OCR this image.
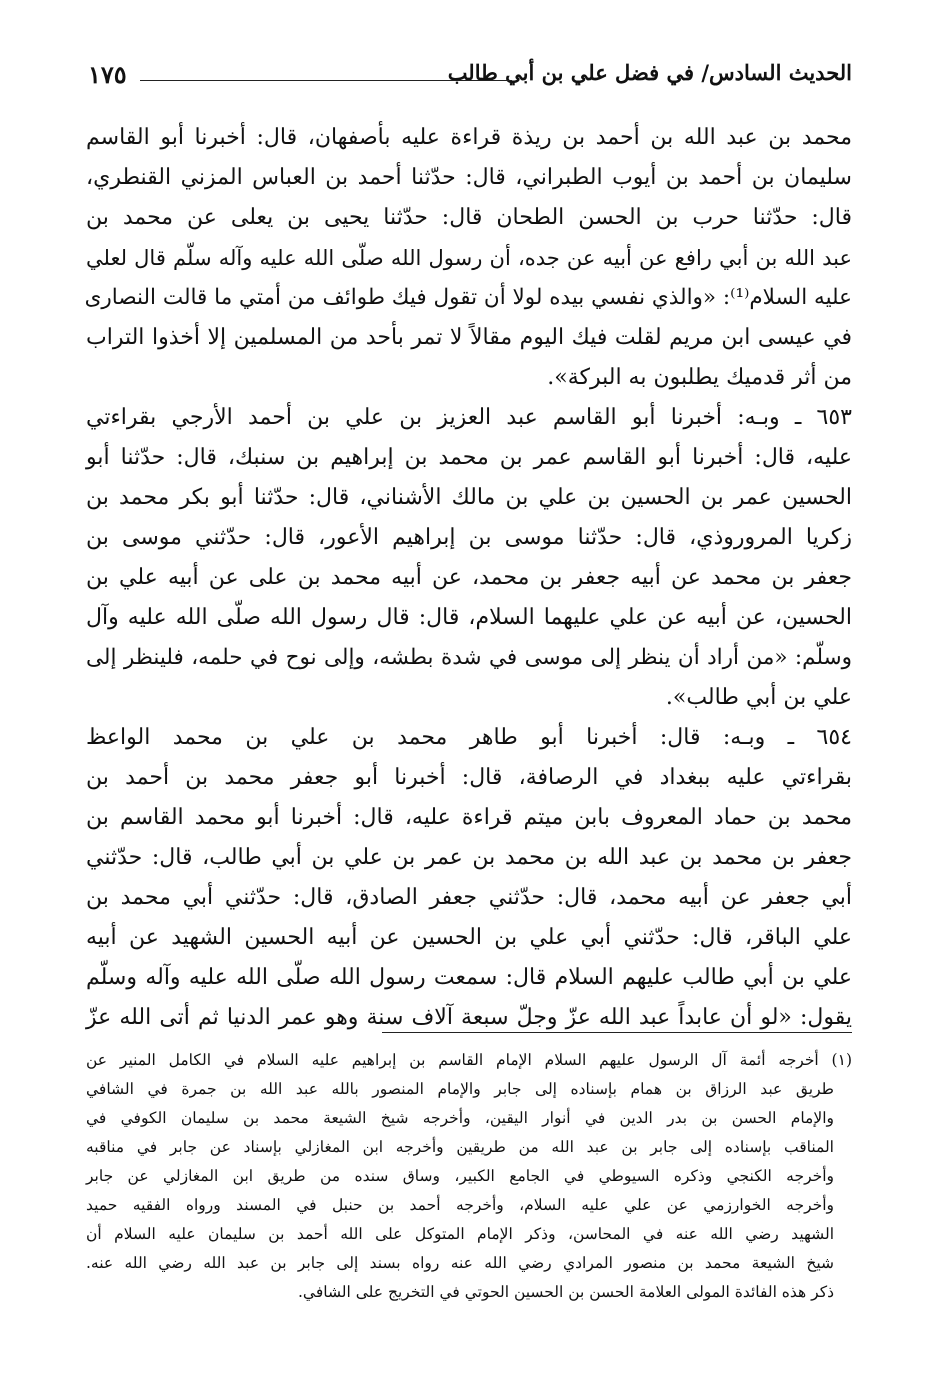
الحديث السادس/ في فضل علي بن أبي طالب
١٧٥
محمد بن عبد الله بن أحمد بن ريذة قراءة عليه بأصفهان، قال: أخبرنا أبو القاسم
سليمان بن أحمد بن أيوب الطبراني، قال: حدّثنا أحمد بن العباس المزني القنطري،
قال: حدّثنا حرب بن الحسن الطحان قال: حدّثنا يحيى بن يعلى عن محمد بن
عبد الله بن أبي رافع عن أبيه عن جده، أن رسول الله صلّى الله عليه وآله سلّم قال لعلي
عليه السلام⁽¹⁾: «والذي نفسي بيده لولا أن تقول فيك طوائف من أمتي ما قالت النصارى
في عيسى ابن مريم لقلت فيك اليوم مقالاً لا تمر بأحد من المسلمين إلا أخذوا التراب
من أثر قدميك يطلبون به البركة».
٦٥٣ ـ وبـه: أخبرنا أبو القاسم عبد العزيز بن علي بن أحمد الأرجي بقراءتي
عليه، قال: أخبرنا أبو القاسم عمر بن محمد بن إبراهيم بن سنبك، قال: حدّثنا أبو
الحسين عمر بن الحسين بن علي بن مالك الأشناني، قال: حدّثنا أبو بكر محمد بن
زكريا المروروذي، قال: حدّثنا موسى بن إبراهيم الأعور، قال: حدّثني موسى بن
جعفر بن محمد عن أبيه جعفر بن محمد، عن أبيه محمد بن على عن أبيه علي بن
الحسين، عن أبيه عن علي عليهما السلام، قال: قال رسول الله صلّى الله عليه وآل
وسلّم: «من أراد أن ينظر إلى موسى في شدة بطشه، وإلى نوح في حلمه، فلينظر إلى
علي بن أبي طالب».
٦٥٤ ـ وبـه: قال: أخبرنا أبو طاهر محمد بن علي بن محمد الواعظ
بقراءتي عليه ببغداد في الرصافة، قال: أخبرنا أبو جعفر محمد بن أحمد بن
محمد بن حماد المعروف بابن ميتم قراءة عليه، قال: أخبرنا أبو محمد القاسم بن
جعفر بن محمد بن عبد الله بن محمد بن عمر بن علي بن أبي طالب، قال: حدّثني
أبي جعفر عن أبيه محمد، قال: حدّثني جعفر الصادق، قال: حدّثني أبي محمد بن
علي الباقر، قال: حدّثني أبي علي بن الحسين عن أبيه الحسين الشهيد عن أبيه
علي بن أبي طالب عليهم السلام قال: سمعت رسول الله صلّى الله عليه وآله وسلّم
يقول: «لو أن عابداً عبد الله عزّ وجلّ سبعة آلاف سنة وهو عمر الدنيا ثم أتى الله عزّ
(١) أخرجه أئمة آل الرسول عليهم السلام الإمام القاسم بن إبراهيم عليه السلام في الكامل المنير عن
طريق عبد الرزاق بن همام بإسناده إلى جابر والإمام المنصور بالله عبد الله بن جمرة في الشافي
والإمام الحسن بن بدر الدين في أنوار اليقين، وأخرجه شيخ الشيعة محمد بن سليمان الكوفي في
المناقب بإسناده إلى جابر بن عبد الله من طريقين وأخرجه ابن المغازلي بإسناد عن جابر في مناقبه
وأخرجه الكنجي وذكره السيوطي في الجامع الكبير، وساق سنده من طريق ابن المغازلي عن جابر
وأخرجه الخوارزمي عن علي عليه السلام، وأخرجه أحمد بن حنبل في المسند ورواه الفقيه حميد
الشهيد رضي الله عنه في المحاسن، وذكر الإمام المتوكل على الله أحمد بن سليمان عليه السلام أن
شيخ الشيعة محمد بن منصور المرادي رضي الله عنه رواه بسند إلى جابر بن عبد الله رضي الله عنه.
ذكر هذه الفائدة المولى العلامة الحسن بن الحسين الحوتي في التخريج على الشافي.
